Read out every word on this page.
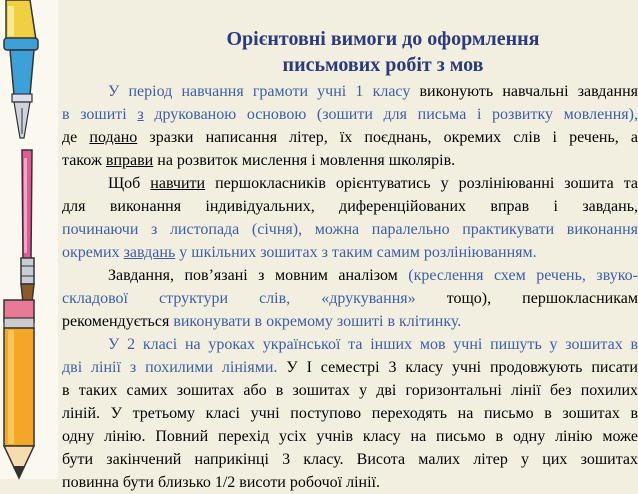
Орієнтовні вимоги до оформлення
письмових робіт з мов
У період навчання грамоти учні 1 класу виконують навчальні завдання
в зошиті з друкованою основою (зошити для письма і розвитку мовлення),
де подано зразки написання літер, їх поєднань, окремих слів і речень, а
також вправи на розвиток мислення і мовлення школярів.
Щоб навчити першокласників орієнтуватись у розлініюванні зошита та
для виконання індивідуальних, диференційованих вправ і завдань,
починаючи з листопада (січня), можна паралельно практикувати виконання
окремих завдань у шкільних зошитах з таким самим розлініюванням.
Завдання, пов’язані з мовним аналізом (креслення схем речень, звуко-
складової структури слів, «друкування» тощо), першокласникам
рекомендується виконувати в окремому зошиті в клітинку.
У 2 класі на уроках української та інших мов учні пишуть у зошитах в
дві лінії з похилими лініями. У І семестрі 3 класу учні продовжують писати
в таких самих зошитах або в зошитах у дві горизонтальні лінії без похилих
ліній. У третьому класі учні поступово переходять на письмо в зошитах в
одну лінію. Повний перехід усіх учнів класу на письмо в одну лінію може
бути закінчений наприкінці 3 класу. Висота малих літер у цих зошитах
повинна бути близько 1/2 висоти робочої лінії.
